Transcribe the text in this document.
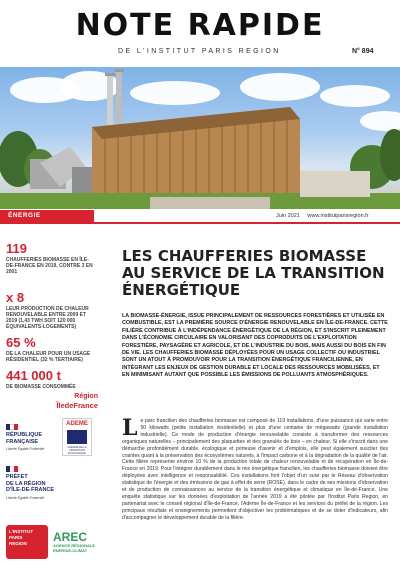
NOTE RAPIDE
DE L'INSTITUT PARIS REGION	N° 894
ÉNERGIE	Juin 2021 www.institutparisregion.fr
119
CHAUFFERIES BIOMASSE EN ÎLE-DE-FRANCE EN 2019, CONTRE 3 EN 2001
x 8
LEUR PRODUCTION DE CHALEUR RENOUVELABLE ENTRE 2009 ET 2019 (1,43 TWH SOIT 120 000 ÉQUIVALENTS-LOGEMENTS)
65 %
DE LA CHALEUR POUR UN USAGE RÉSIDENTIEL (32 % TERTIAIRE)
441 000 t
DE BIOMASSE CONSOMMÉE
Région
ÎledeFrance
RÉPUBLIQUE
FRANÇAISE
Liberté Égalité Fraternité
ADEME
AGENCE DE LA TRANSITION ÉCOLOGIQUE
PRÉFET
DE LA RÉGION
D'ÎLE-DE-FRANCE
Liberté Égalité Fraternité
L'INSTITUT
PARIS
REGION	AREC
AGENCE RÉGIONALE
ÉNERGIE-CLIMAT
LES CHAUFFERIES BIOMASSE AU SERVICE DE LA TRANSITION ÉNERGÉTIQUE
LA BIOMASSE-ÉNERGIE, ISSUE PRINCIPALEMENT DE RESSOURCES FORESTIÈRES ET UTILISÉE EN COMBUSTIBLE, EST LA PREMIÈRE SOURCE D'ÉNERGIE RENOUVELABLE EN ÎLE-DE-FRANCE. CETTE FILIÈRE CONTRIBUE À L'INDÉPENDANCE ÉNERGÉTIQUE DE LA RÉGION, ET S'INSCRIT PLEINEMENT DANS L'ÉCONOMIE CIRCULAIRE EN VALORISANT DES COPRODUITS DE L'EXPLOITATION FORESTIÈRE, PAYSAGÈRE ET AGRICOLE, ET DE L'INDUSTRIE DU BOIS, MAIS AUSSI DU BOIS EN FIN DE VIE. LES CHAUFFERIES BIOMASSE DÉPLOYÉES POUR UN USAGE COLLECTIF OU INDUSTRIEL SONT UN ATOUT À PROMOUVOIR POUR LA TRANSITION ÉNERGÉTIQUE FRANCILIENNE, EN INTÉGRANT LES ENJEUX DE GESTION DURABLE ET LOCALE DES RESSOURCES MOBILISÉES, ET EN MINIMISANT AUTANT QUE POSSIBLE LES ÉMISSIONS DE POLLUANTS ATMOSPHÉRIQUES.
L e parc francilien des chaufferies biomasse est composé de 119 installations, d'une puissance qui varie entre 50 kilowatts (petite installation résidentielle) et plus d'une centaine de mégawatts (grande installation industrielle). Ce mode de production d'énergie renouvelable consiste à transformer des ressources organiques naturelles – principalement des plaquettes et des granulés de bois – en chaleur. Si elle s'inscrit dans une démarche profondément durable, écologique et porteuse d'avenir et d'emplois, elle peut également susciter des craintes quant à la préservation des écosystèmes naturels, à l'impact carbone et à la dégradation de la qualité de l'air. Cette filière représente environ 10 % de la production totale de chaleur renouvelable et de récupération en Île-de-France en 2019. Pour l'intégrer durablement dans le mix énergétique francilien, les chaufferies biomasse doivent être déployées avec intelligence et responsabilité. Ces installations font l'objet d'un suivi par le Réseau d'observation statistique de l'énergie et des émissions de gaz à effet de serre (ROSE), dans le cadre de ses missions d'observation et de production de connaissances au service de la transition énergétique et climatique en Île-de-France. Une enquête statistique sur les données d'exploitation de l'année 2019 a été pilotée par l'Institut Paris Region, en partenariat avec le conseil régional d'Île-de-France, l'Ademe Île-de-France et les services du préfet de la région. Les principaux résultats et enseignements permettent d'objectiver les problématiques et de se doter d'indicateurs, afin d'accompagner le développement durable de la filière.
